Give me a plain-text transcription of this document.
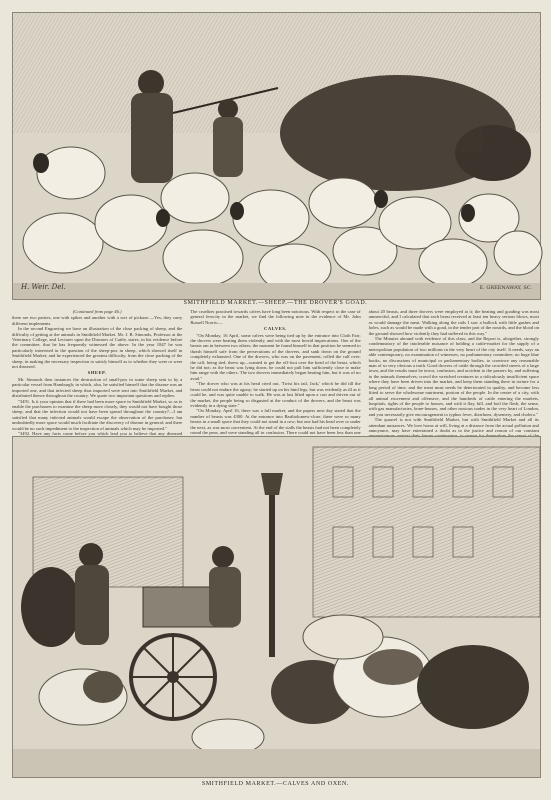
H. Weir. Del.	E. GREENAWAY, SC.
SMITHFIELD MARKET.—SHEEP.—THE DROVER'S GOAD.
(Continued from page 46.)

there are two parties, one with spikes and another with a sort of pickaxe.—Yes; they carry different implements.

In the second Engraving we have an illustration of the close packing of sheep, and the difficulty of getting at the animals in Smithfield Market. Mr. J. B. Simonds, Professor at the Veterinary College, and Lecturer upon the Diseases of Cattle, states, in his evidence before the committee, that he has frequently witnessed the above. In the year 1847 he was particularly interested in the question of the sheep-pox in sheep, which showed itself in Smithfield Market; and he experienced the greatest difficulty, from the close packing of the sheep, in making the necessary inspection to satisfy himself as to whether they were or were not diseased.

SHEEP.

Mr. Simonds then instances the destruction of small-pox in some sheep sent to by a particular vessel from Hamburgh; in which, also, he satisfied himself that the disease was an imported one, and that infected sheep thus imported were sent into Smithfield Market, and distributed thence throughout the country. We quote two important questions and replies:

"3491. Is it your opinion that if there had been more space in Smithfield Market, so as to enable the purchasers to examine the sheep more closely, they would not have bought those sheep, and that the infection would not have been spread throughout the country?—I am satisfied that many infected animals would escape the observation of the purchaser; but undoubtedly more space would much facilitate the discovery of disease in general; and there would be no such impediment to the inspection of animals which may be imported."

"3492. Have any facts come before you which lead you to believe that any diseased

The cruelties practised towards calves have long been notorious. With respect to the case of general ferocity in the market, we find the following note in the evidence of Mr. John Russell Norris:—

CALVES.

"On Monday, 16 April, some calves were being tied up by the entrance into Cloth Fair; the drovers were beating them violently, and with the most horrid imprecations. One of the beasts ran in between two others; the moment he found himself in that position he seemed to thrash himself safe from the persecutions of the drovers, and sank down on the ground completely exhausted. One of the drovers, who was on the pavement, rolled the calf over; the calf, being tied, threw up—wanted to get the off-foot over the head of the beast, which he did not; as the beast was lying down, he could not pull him sufficiently close to make him range with the others. The two drovers immediately began beating him, but it was of no avail."

"The drover who was at his head cried out, 'Twist his tail, Jack,' which he did till the beast could not endure the agony; he started up on his hind legs, but was evidently as ill as it could be, and was quite unable to walk. He was at last lifted upon a cart and driven out of the market, the people being so disgusted at the conduct of the drovers, and the beast was evidently in a dying state."

"On Monday, April 16, there was a full market; and the papers next day stated that the number of beasts was 4300. At the entrance into Bartholomew-close, there were so many beasts in a small space that they could not stand in a row; but one had his head over or under the next, as was most convenient. At the end of the stalls the beasts had not been completely round the pens, and were standing all in confusion. There could not have been less than one

about 20 beasts, and three drovers were employed at it; the beating and goading was most unmerciful, and I calculated that each beast received at least ten heavy serious blows, most as would damage the meat. Walking along the rails I saw a bullock with little gashes and holes, such as would be made with a goad, in the tender part of the nostrils, and the blood on the ground showed how violently they had suffered in this way."

The Minutes abound with evidence of this class; and the Report is, altogether, strongly condemnatory of the intolerable nuisance of holding a cattle-market for the supply of a metropolitan population of two millions in the very heart of the city itself. It needs, says an able contemporary, no examination of witnesses, no parliamentary committee, no huge blue books, no discussions of municipal or parliamentary bodies, to convince any reasonable man of so very obvious a truth. Good drovers of cattle through the crowded streets of a large town, and the results must be terror, confusion, and accident to the passers by, and suffering to the animals themselves; crowd the wretched creatures in a ridiculously insufficient space where they have been driven into the market, and keep them standing there in torture for a long period of time, and the meat must needs be deteriorated in quality, and become less fitted to serve the wholesome nutriment, portion of the people. In the centre of a city, with all animal excrement and offensive, and the hundreds of cattle entering the markets, hospitals, rights of the people to houses, and with it flay, kill, and boil the flesh, the sense, with gas manufactories, bone-houses, and other noxious trades in the very heart of London, and you necessarily give encouragement to typhus fever, diarrhoea, dysentery, and cholera."

The quarrel is not with Smithfield Market, but with Smithfield Market and all its attendant nuisances. We love horns at will, living at a distance from the actual pollution and annoyance, may have entertained a doubt as to the justice and reason of our constant

SMITHFIELD MARKET.—CALVES AND OXEN.
